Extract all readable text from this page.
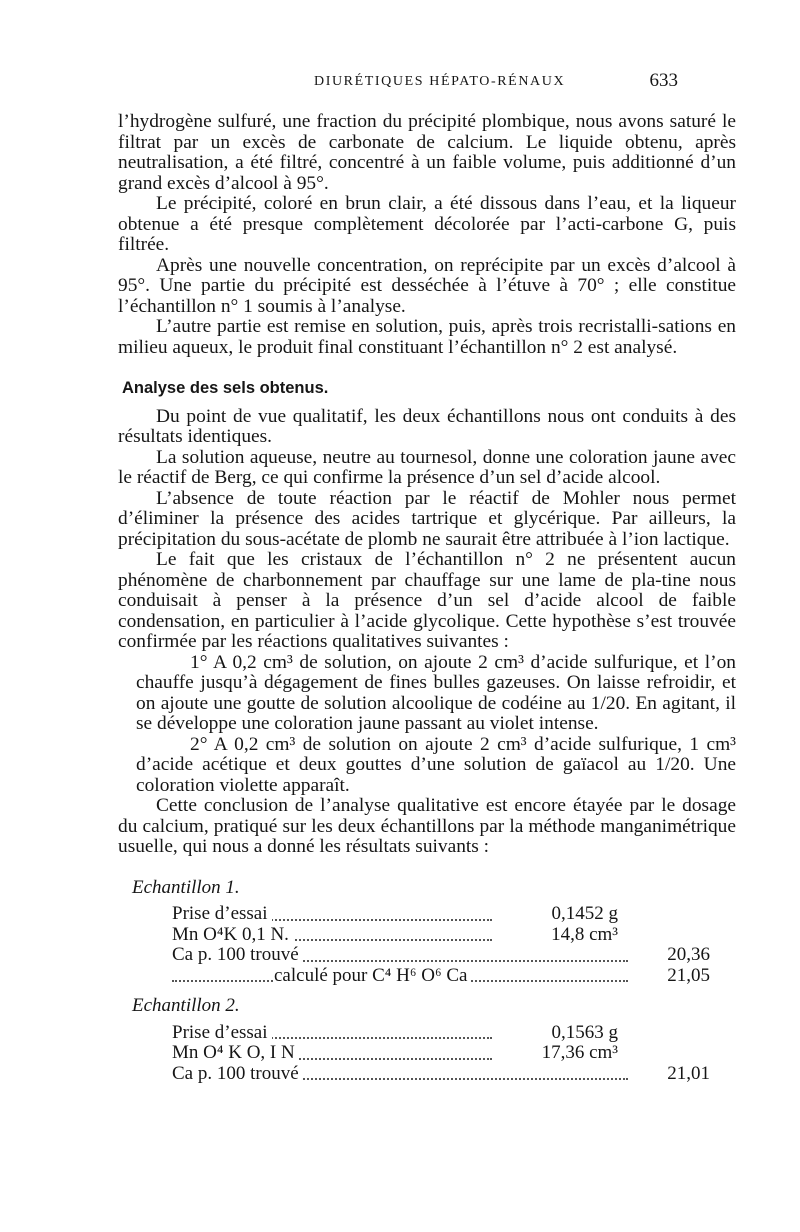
DIURÉTIQUES HÉPATO-RÉNAUX	633

l’hydrogène sulfuré, une fraction du précipité plombique, nous avons saturé le filtrat par un excès de carbonate de calcium. Le liquide obtenu, après neutralisation, a été filtré, concentré à un faible volume, puis additionné d’un grand excès d’alcool à 95°.

Le précipité, coloré en brun clair, a été dissous dans l’eau, et la liqueur obtenue a été presque complètement décolorée par l’acti-carbone G, puis filtrée.

Après une nouvelle concentration, on reprécipite par un excès d’alcool à 95°. Une partie du précipité est desséchée à l’étuve à 70° ; elle constitue l’échantillon n° 1 soumis à l’analyse.

L’autre partie est remise en solution, puis, après trois recristalli-sations en milieu aqueux, le produit final constituant l’échantillon n° 2 est analysé.

Analyse des sels obtenus.

Du point de vue qualitatif, les deux échantillons nous ont conduits à des résultats identiques.

La solution aqueuse, neutre au tournesol, donne une coloration jaune avec le réactif de Berg, ce qui confirme la présence d’un sel d’acide alcool.

L’absence de toute réaction par le réactif de Mohler nous permet d’éliminer la présence des acides tartrique et glycérique. Par ailleurs, la précipitation du sous-acétate de plomb ne saurait être attribuée à l’ion lactique.

Le fait que les cristaux de l’échantillon n° 2 ne présentent aucun phénomène de charbonnement par chauffage sur une lame de pla-tine nous conduisait à penser à la présence d’un sel d’acide alcool de faible condensation, en particulier à l’acide glycolique. Cette hypothèse s’est trouvée confirmée par les réactions qualitatives suivantes :

1° A 0,2 cm³ de solution, on ajoute 2 cm³ d’acide sulfurique, et l’on chauffe jusqu’à dégagement de fines bulles gazeuses. On laisse refroidir, et on ajoute une goutte de solution alcoolique de codéine au 1/20. En agitant, il se développe une coloration jaune passant au violet intense.

2° A 0,2 cm³ de solution on ajoute 2 cm³ d’acide sulfurique, 1 cm³ d’acide acétique et deux gouttes d’une solution de gaïacol au 1/20. Une coloration violette apparaît.

Cette conclusion de l’analyse qualitative est encore étayée par le dosage du calcium, pratiqué sur les deux échantillons par la méthode manganimétrique usuelle, qui nous a donné les résultats suivants :

Echantillon 1.
Prise d’essai	0,1452 g	

Mn O⁴K 0,1 N.	14,8 cm³	

Ca p. 100 trouvé		20,36

calculé pour C⁴ H⁶ O⁶ Ca		21,05
Echantillon 2.
Prise d’essai	0,1563 g	

Mn O⁴ K O, I N	17,36 cm³	

Ca p. 100 trouvé		21,01
